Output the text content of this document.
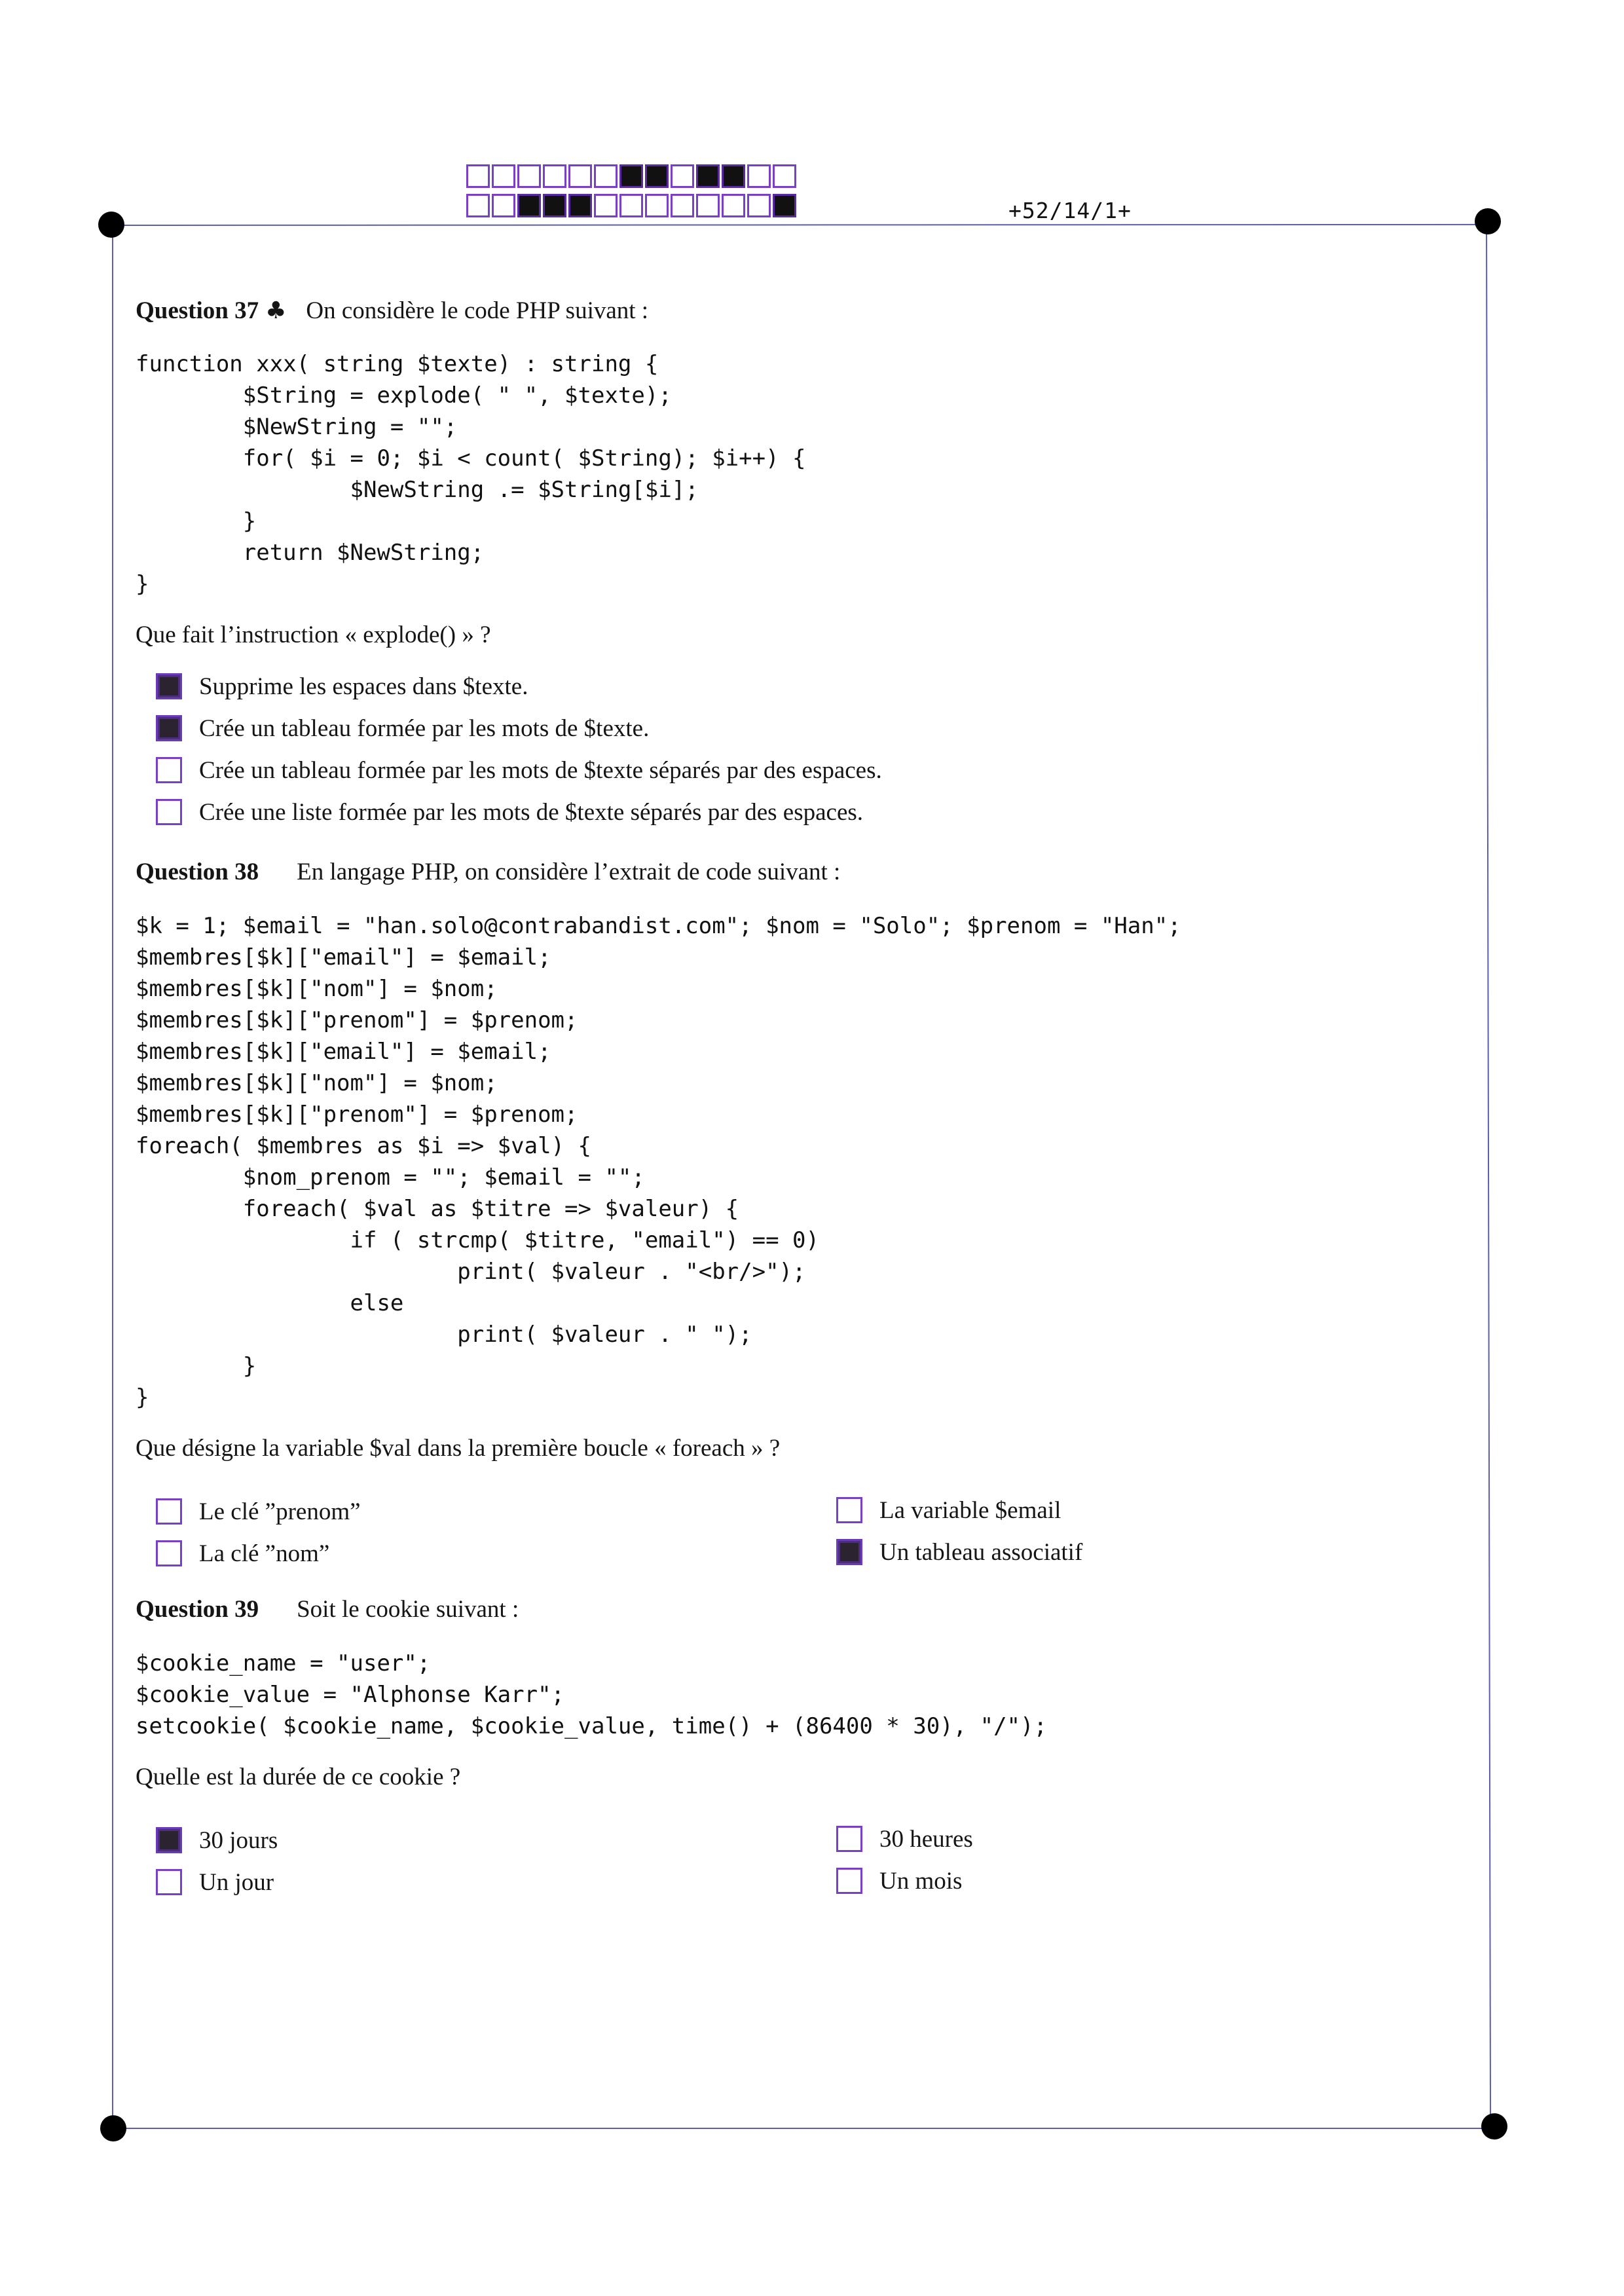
+52/14/1+
Question 37 ♣ On considère le code PHP suivant :
function xxx( string $texte) : string {
$String = explode( " ", $texte);
$NewString = "";
for( $i = 0; $i < count( $String); $i++) {
$NewString .= $String[$i];
}
return $NewString;
}
Que fait l’instruction « explode() » ?
Supprime les espaces dans $texte.
Crée un tableau formée par les mots de $texte.
Crée un tableau formée par les mots de $texte séparés par des espaces.
Crée une liste formée par les mots de $texte séparés par des espaces.
Question 38 En langage PHP, on considère l’extrait de code suivant :
$k = 1; $email = "han.solo@contrabandist.com"; $nom = "Solo"; $prenom = "Han";
$membres[$k]["email"] = $email;
$membres[$k]["nom"] = $nom;
$membres[$k]["prenom"] = $prenom;
$membres[$k]["email"] = $email;
$membres[$k]["nom"] = $nom;
$membres[$k]["prenom"] = $prenom;
foreach( $membres as $i => $val) {
$nom_prenom = ""; $email = "";
foreach( $val as $titre => $valeur) {
if ( strcmp( $titre, "email") == 0)
print( $valeur . "<br/>");
else
print( $valeur . " ");
}
}
Que désigne la variable $val dans la première boucle « foreach » ?
Le clé ”prenom”	La variable $email
La clé ”nom”	Un tableau associatif
Question 39 Soit le cookie suivant :
$cookie_name = "user";
$cookie_value = "Alphonse Karr";
setcookie( $cookie_name, $cookie_value, time() + (86400 * 30), "/");
Quelle est la durée de ce cookie ?
30 jours	30 heures
Un jour	Un mois
